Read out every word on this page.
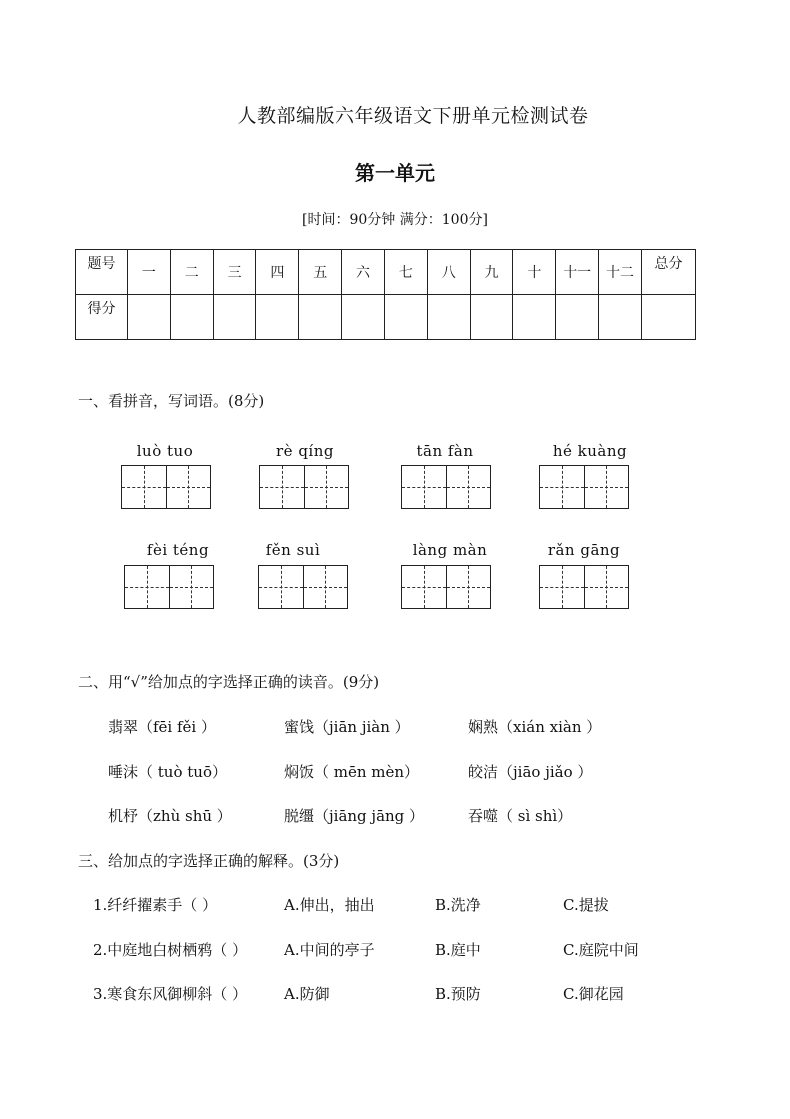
人教部编版六年级语文下册单元检测试卷
第一单元
[时间：90分钟 满分：100分]
题号	一	二	三	四	五	六	七	八	九	十	十一	十二	总分
得分													
一、看拼音，写词语。(8分)
luò tuo	rè qíng	tān fàn	hé kuàng
fèi téng	fěn suì	làng màn	rǎn gāng
二、用“√”给加点的字选择正确的读音。(9分)
翡翠（fēi fěi ）	蜜饯（jiān jiàn ）	娴熟（xián xiàn ）
唾沫（ tuò tuō）	焖饭（ mēn mèn）	皎洁（jiāo jiǎo ）
机杼（zhù shū ）	脱缰（jiāng jāng ）	吞噬（ sì shì）
三、给加点的字选择正确的解释。(3分)
1.纤纤擢素手（ ）	A.伸出，抽出	B.洗净	C.提拔
2.中庭地白树栖鸦（ ） A.中间的亭子	B.庭中	C.庭院中间
3.寒食东风御柳斜（ ） A.防御	B.预防	C.御花园
